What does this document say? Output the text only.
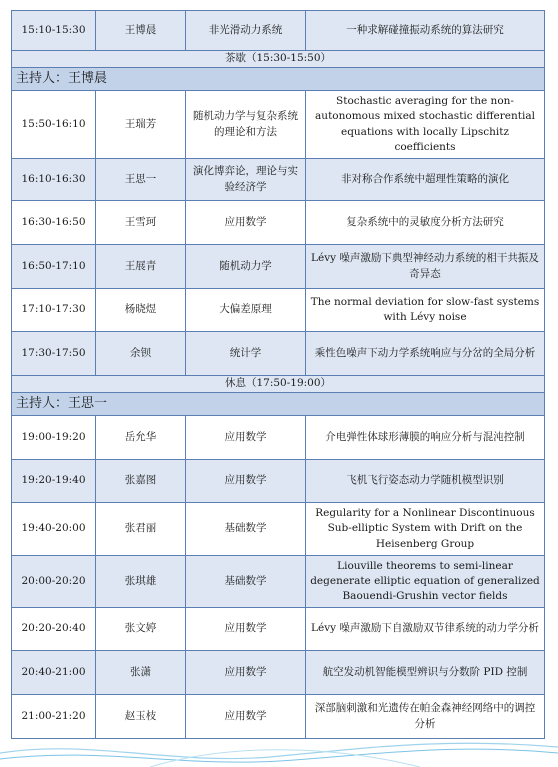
15:10-15:30	王博晨	非光滑动力系统	一种求解碰撞振动系统的算法研究
茶歇（15:30-15:50）			
主持人：王博晨			
15:50-16:10	王瑞芳	随机动力学与复杂系统的理论和方法	Stochastic averaging for the non-autonomous mixed stochastic differential equations with locally Lipschitz coefficients
16:10-16:30	王思一	演化博弈论，理论与实验经济学	非对称合作系统中超理性策略的演化
16:30-16:50	王雪珂	应用数学	复杂系统中的灵敏度分析方法研究
16:50-17:10	王展青	随机动力学	Lévy 噪声激励下典型神经动力系统的相干共振及奇异态
17:10-17:30	杨晓煜	大偏差原理	The normal deviation for slow-fast systems with Lévy noise
17:30-17:50	余钡	统计学	乘性色噪声下动力学系统响应与分岔的全局分析
休息（17:50-19:00）			
主持人：王思一			
19:00-19:20	岳允华	应用数学	介电弹性体球形薄膜的响应分析与混沌控制
19:20-19:40	张嘉图	应用数学	飞机飞行姿态动力学随机模型识别
19:40-20:00	张君丽	基础数学	Regularity for a Nonlinear Discontinuous Sub-elliptic System with Drift on the Heisenberg Group
20:00-20:20	张琪雄	基础数学	Liouville theorems to semi-linear degenerate elliptic equation of generalized Baouendi-Grushin vector fields
20:20-20:40	张文婷	应用数学	Lévy 噪声激励下自激励双节律系统的动力学分析
20:40-21:00	张潇	应用数学	航空发动机智能模型辨识与分数阶 PID 控制
21:00-21:20	赵玉枝	应用数学	深部脑刺激和光遗传在帕金森神经网络中的调控分析
